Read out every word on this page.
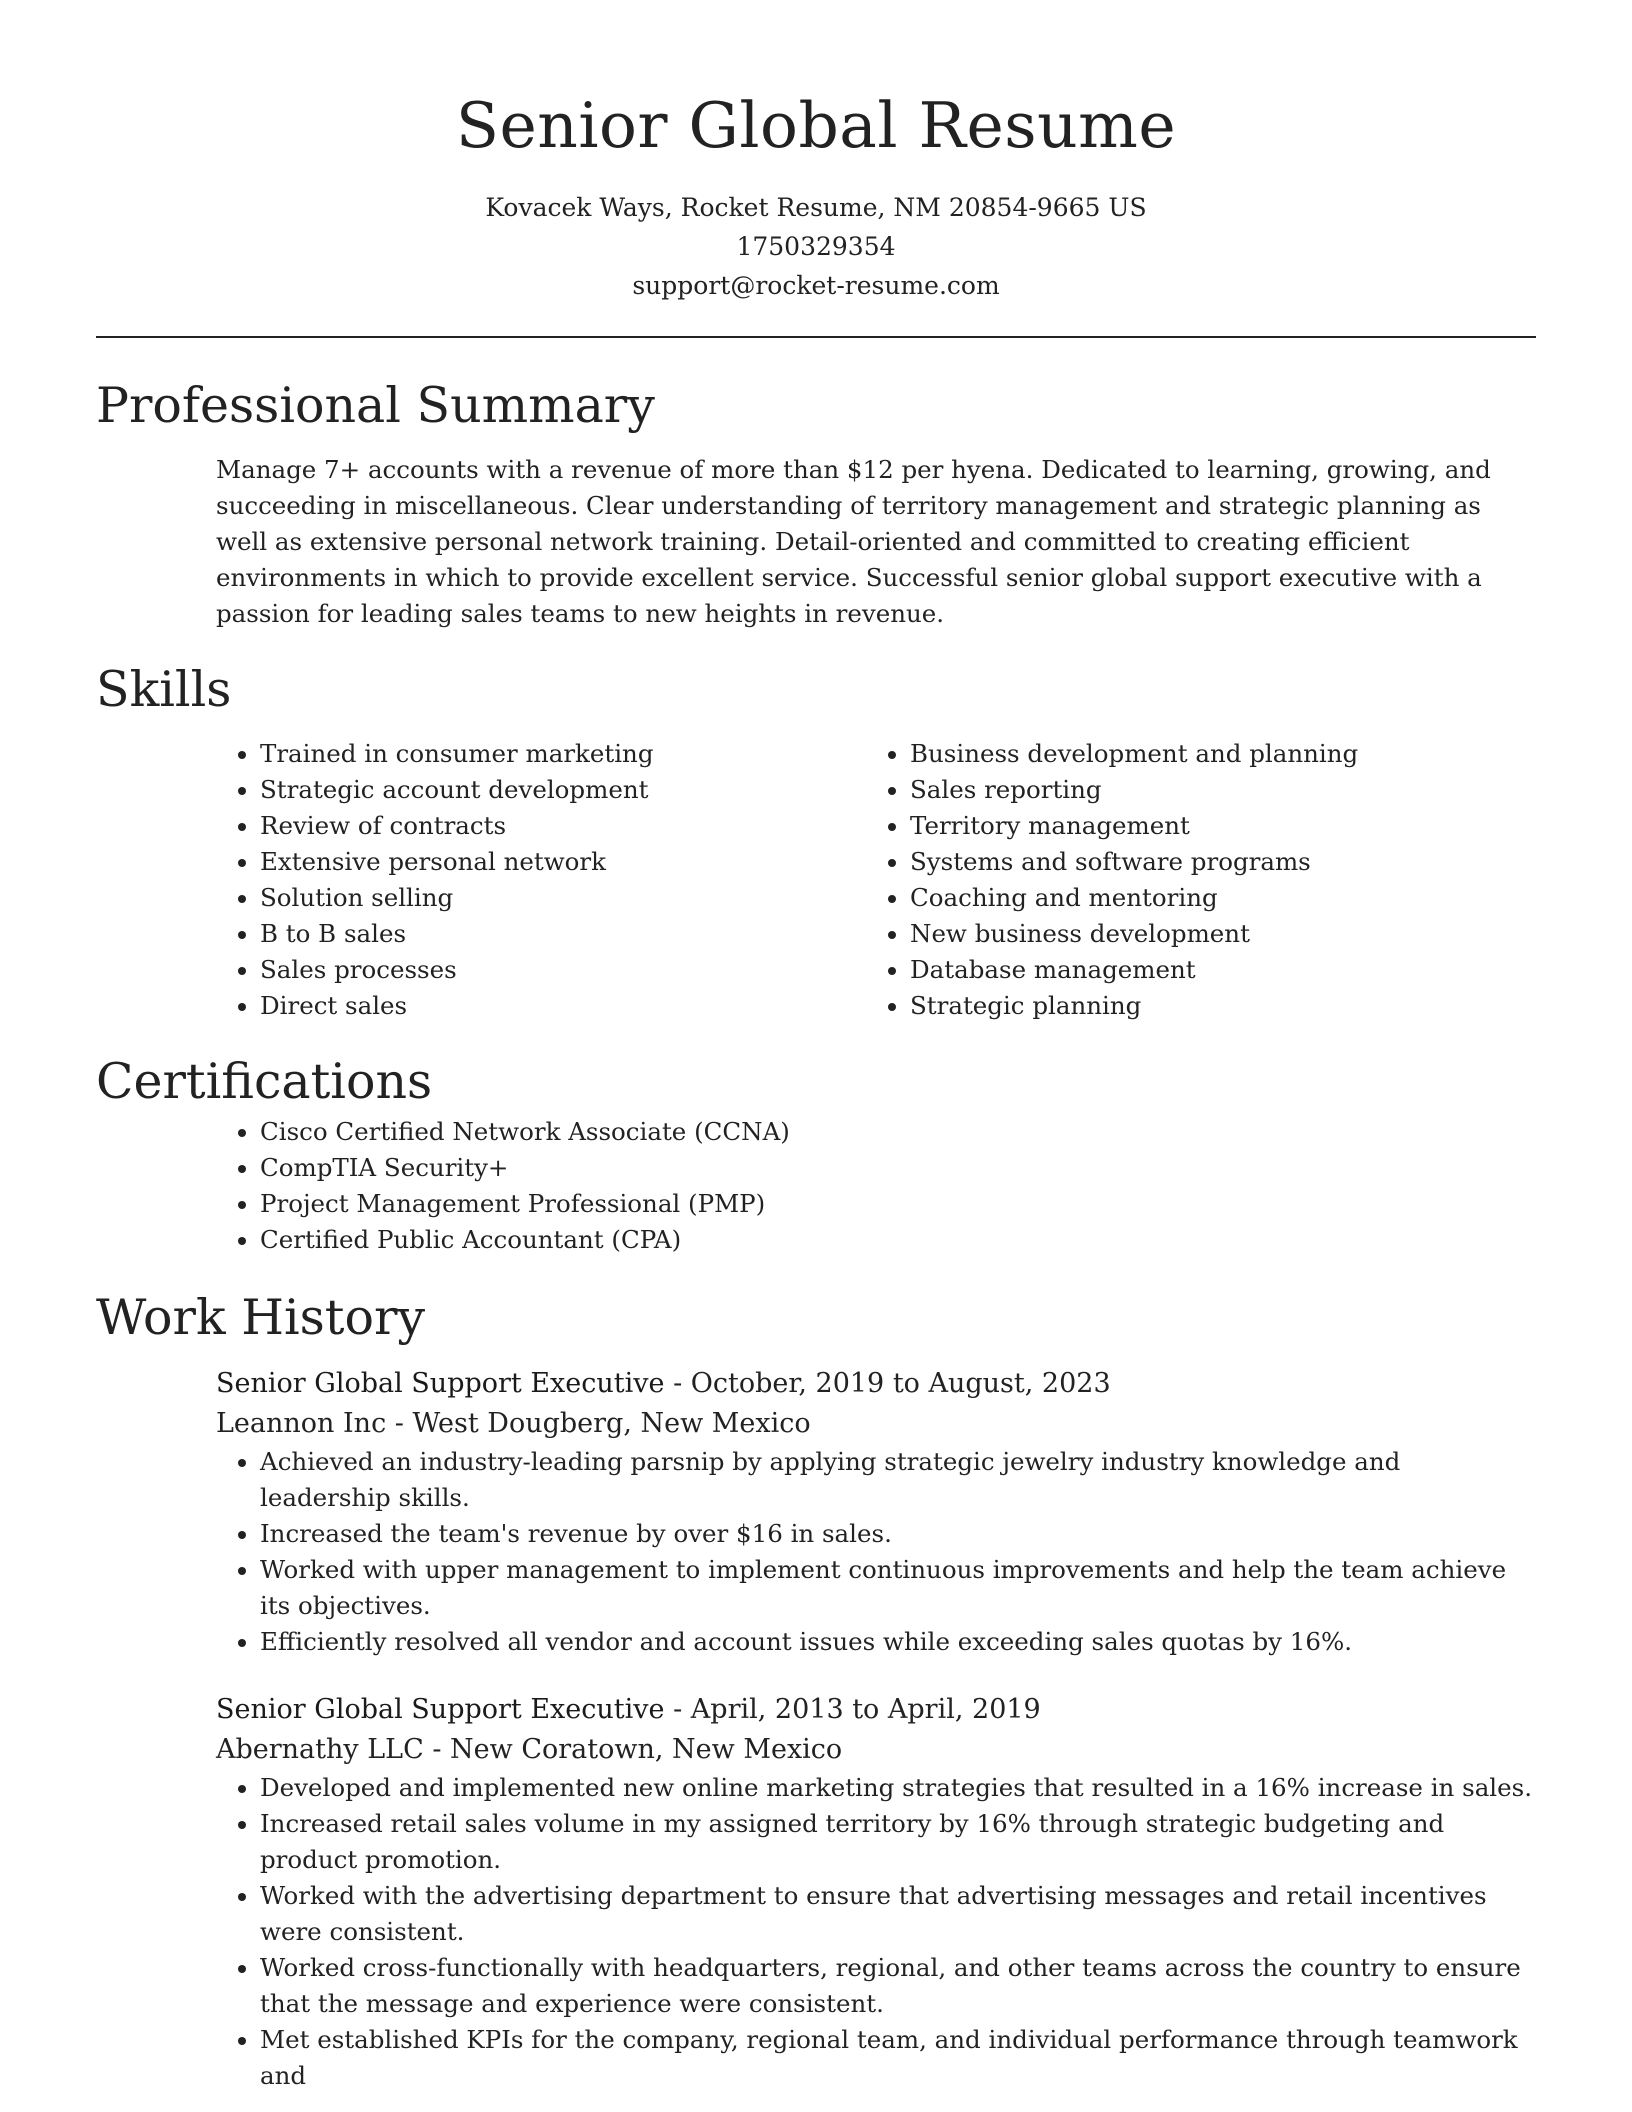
Senior Global Resume
Kovacek Ways, Rocket Resume, NM 20854-9665 US
1750329354
support@rocket-resume.com
Professional Summary

Manage 7+ accounts with a revenue of more than $12 per hyena. Dedicated to learning, growing, and succeeding in miscellaneous. Clear understanding of territory management and strategic planning as well as extensive personal network training. Detail-oriented and committed to creating efficient environments in which to provide excellent service. Successful senior global support executive with a passion for leading sales teams to new heights in revenue.

Skills
• Trained in consumer marketing
• Strategic account development
• Review of contracts
• Extensive personal network
• Solution selling
• B to B sales
• Sales processes
• Direct sales
• Business development and planning
• Sales reporting
• Territory management
• Systems and software programs
• Coaching and mentoring
• New business development
• Database management
• Strategic planning
Certifications
• Cisco Certified Network Associate (CCNA)
• CompTIA Security+
• Project Management Professional (PMP)
• Certified Public Accountant (CPA)
Work History
Senior Global Support Executive - October, 2019 to August, 2023
Leannon Inc - West Dougberg, New Mexico
• Achieved an industry-leading parsnip by applying strategic jewelry industry knowledge and leadership skills.
• Increased the team's revenue by over $16 in sales.
• Worked with upper management to implement continuous improvements and help the team achieve its objectives.
• Efficiently resolved all vendor and account issues while exceeding sales quotas by 16%.
Senior Global Support Executive - April, 2013 to April, 2019
Abernathy LLC - New Coratown, New Mexico
• Developed and implemented new online marketing strategies that resulted in a 16% increase in sales.
• Increased retail sales volume in my assigned territory by 16% through strategic budgeting and product promotion.
• Worked with the advertising department to ensure that advertising messages and retail incentives were consistent.
• Worked cross-functionally with headquarters, regional, and other teams across the country to ensure that the message and experience were consistent.
• Met established KPIs for the company, regional team, and individual performance through teamwork and
